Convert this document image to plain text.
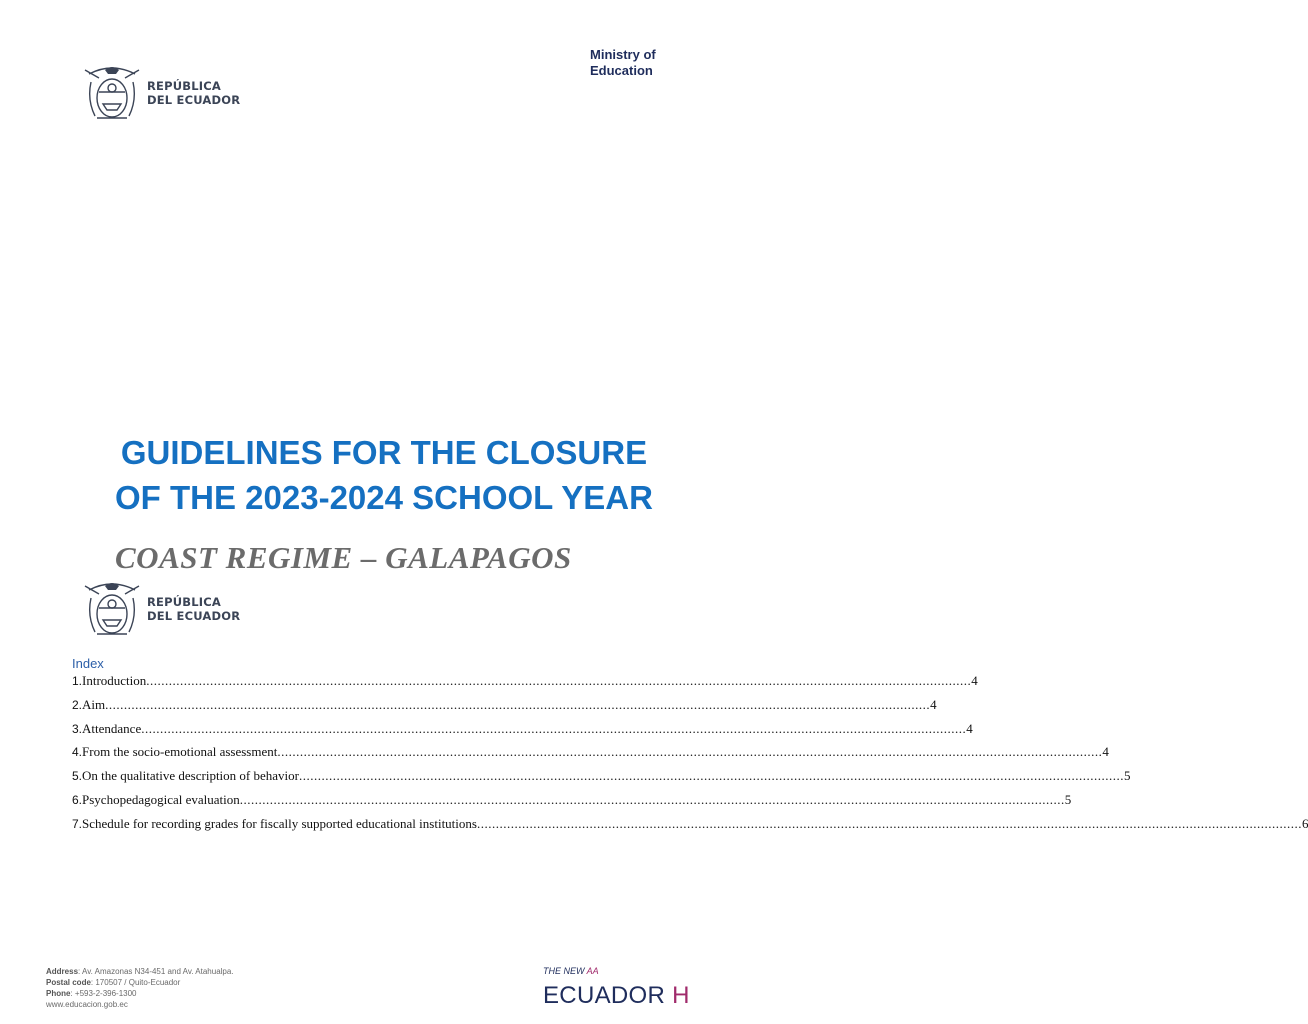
REPÚBLICA
DEL ECUADOR
Ministry of
Education
GUIDELINES FOR THE CLOSURE
OF THE 2023-2024 SCHOOL YEAR
COAST REGIME – GALAPAGOS
REPÚBLICA
DEL ECUADOR
Index
1. Introduction ............................................................................................................................................................................................................................ 4
2. Aim ............................................................................................................................................................................................................................ 4
3. Attendance ............................................................................................................................................................................................................................ 4
4. From the socio-emotional assessment ............................................................................................................................................................................................................................ 4
5. On the qualitative description of behavior ............................................................................................................................................................................................................................ 5
6. Psychopedagogical evaluation ............................................................................................................................................................................................................................ 5
7. Schedule for recording grades for fiscally supported educational institutions ............................................................................................................................................................................................................................ 6
Address: Av. Amazonas N34-451 and Av. Atahualpa.
Postal code: 170507 / Quito-Ecuador
Phone: +593-2-396-1300
www.educacion.gob.ec
THE NEW AA
ECUADOR H
